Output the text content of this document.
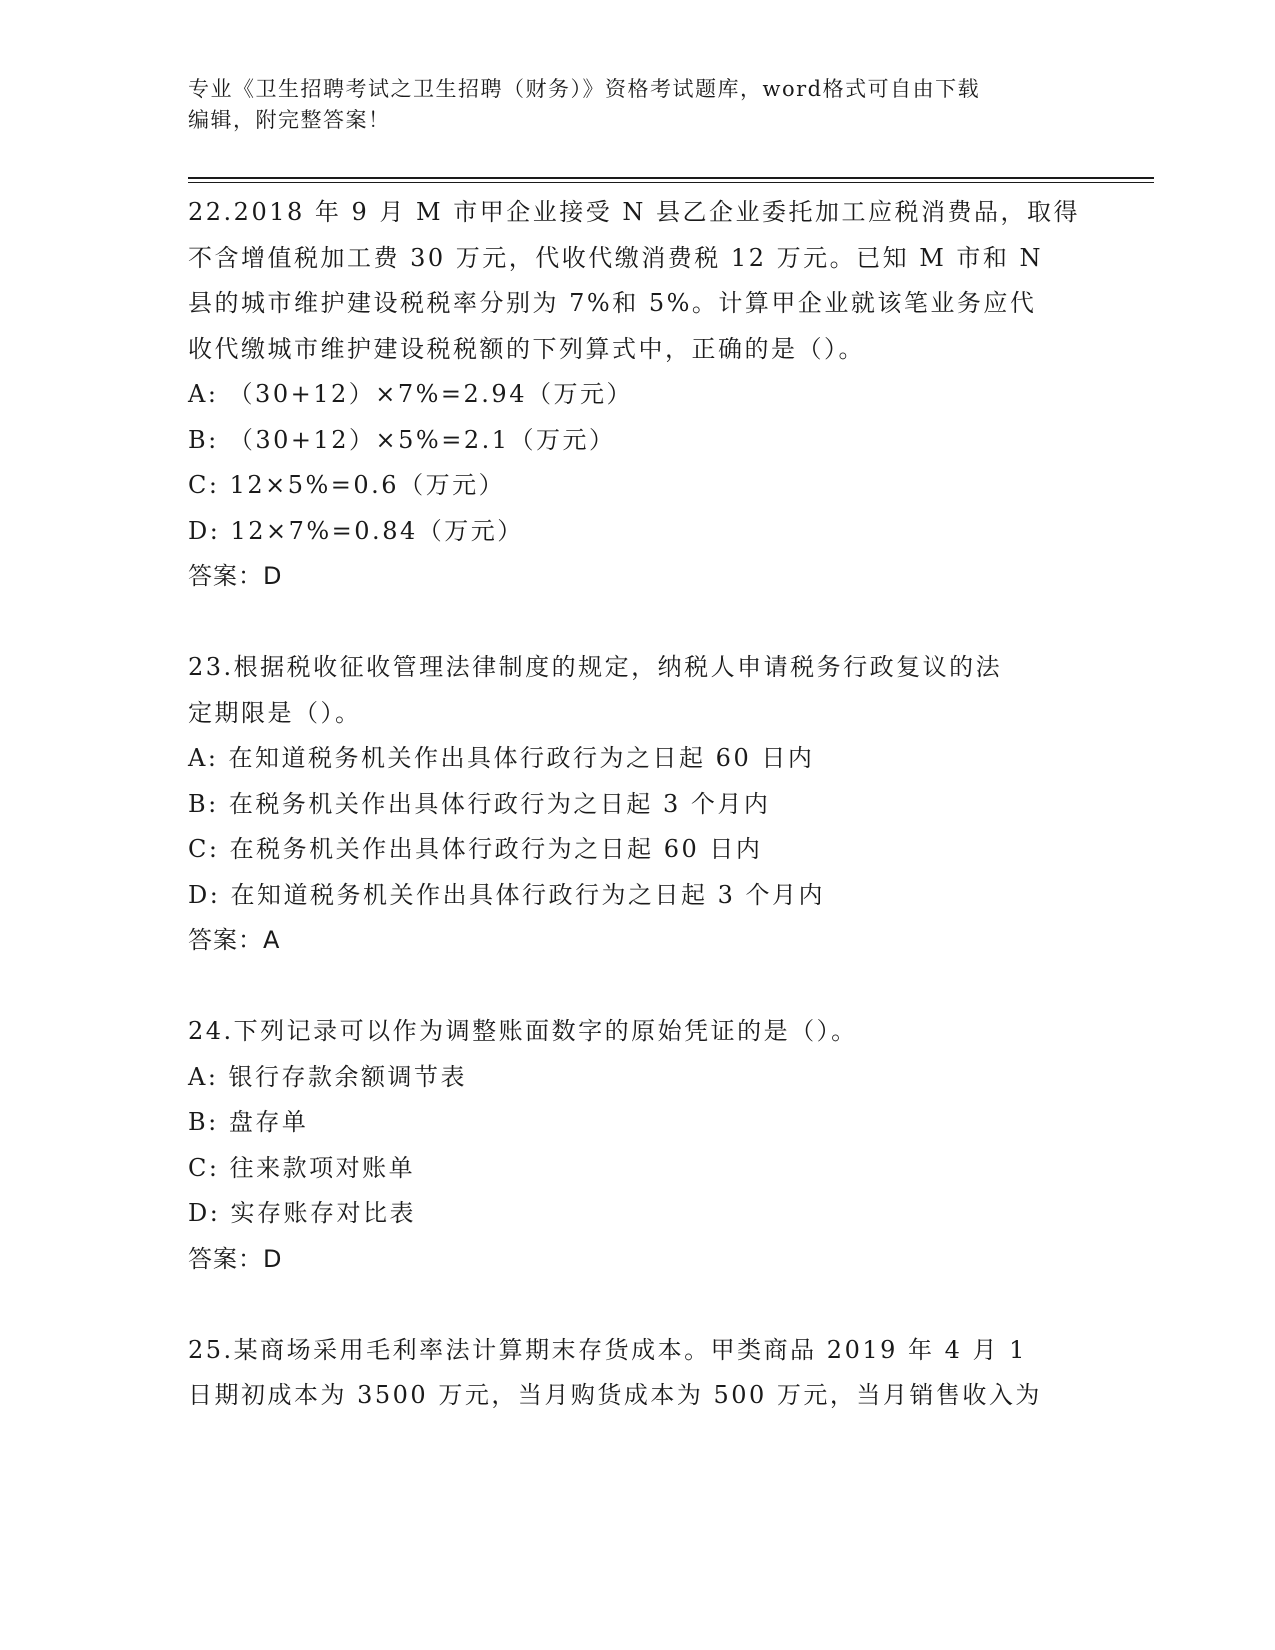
专业《卫生招聘考试之卫生招聘（财务）》资格考试题库，word格式可自由下载
编辑，附完整答案！
22.2018 年 9 月 M 市甲企业接受 N 县乙企业委托加工应税消费品，取得
不含增值税加工费 30 万元，代收代缴消费税 12 万元。已知 M 市和 N
县的城市维护建设税税率分别为 7%和 5%。计算甲企业就该笔业务应代
收代缴城市维护建设税税额的下列算式中，正确的是（）。
A: （30+12）×7%=2.94（万元）
B: （30+12）×5%=2.1（万元）
C: 12×5%=0.6（万元）
D: 12×7%=0.84（万元）
答案：D
23.根据税收征收管理法律制度的规定，纳税人申请税务行政复议的法
定期限是（）。
A: 在知道税务机关作出具体行政行为之日起 60 日内
B: 在税务机关作出具体行政行为之日起 3 个月内
C: 在税务机关作出具体行政行为之日起 60 日内
D: 在知道税务机关作出具体行政行为之日起 3 个月内
答案：A
24.下列记录可以作为调整账面数字的原始凭证的是（）。
A: 银行存款余额调节表
B: 盘存单
C: 往来款项对账单
D: 实存账存对比表
答案：D
25.某商场采用毛利率法计算期末存货成本。甲类商品 2019 年 4 月 1
日期初成本为 3500 万元，当月购货成本为 500 万元，当月销售收入为
